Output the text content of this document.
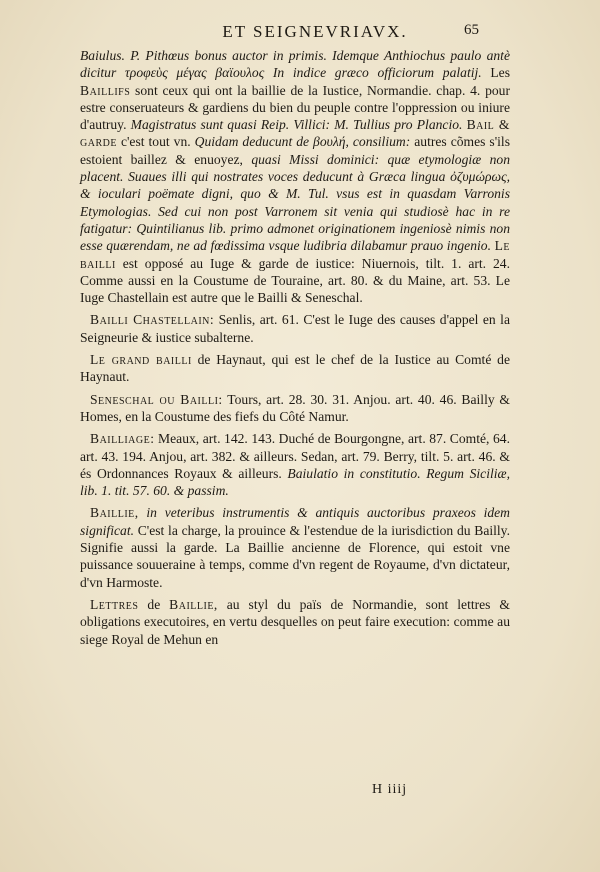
ET SEIGNEVRIAVX.	65

Baiulus. P. Pithœus bonus auctor in primis. Idemque Anthiochus paulo antè dicitur τροφεὺς μέγας βαϊουλος In indice græco officiorum palatij. Les Baillifs sont ceux qui ont la baillie de la Iustice, Normandie. chap. 4. pour estre conseruateurs & gardiens du bien du peuple contre l'oppression ou iniure d'autruy. Magistratus sunt quasi Reip. Villici: M. Tullius pro Plancio. Bail & garde c'est tout vn. Quidam deducunt de βουλή, consilium: autres cõmes s'ils estoient baillez & enuoyez, quasi Missi dominici: quæ etymologiæ non placent. Suaues illi qui nostrates voces deducunt à Græca lingua ὀζυμώρως, & ioculari poëmate digni, quo & M. Tul. vsus est in quasdam Varronis Etymologias. Sed cui non post Varronem sit venia qui studiosè hac in re fatigatur: Quintilianus lib. primo admonet originationem ingeniosè nimis non esse quærendam, ne ad fœdissima vsque ludibria dilabamur prauo ingenio. Le bailli est opposé au Iuge & garde de iustice: Niuernois, tilt. 1. art. 24. Comme aussi en la Coustume de Touraine, art. 80. & du Maine, art. 53. Le Iuge Chastellain est autre que le Bailli & Seneschal.

Bailli Chastellain: Senlis, art. 61. C'est le Iuge des causes d'appel en la Seigneurie & iustice subalterne.

Le grand bailli de Haynaut, qui est le chef de la Iustice au Comté de Haynaut.

Seneschal ou Bailli: Tours, art. 28. 30. 31. Anjou. art. 40. 46. Bailly & Homes, en la Coustume des fiefs du Côté Namur.

Bailliage: Meaux, art. 142. 143. Duché de Bourgongne, art. 87. Comté, 64. art. 43. 194. Anjou, art. 382. & ailleurs. Sedan, art. 79. Berry, tilt. 5. art. 46. & és Ordonnances Royaux & ailleurs. Baiulatio in constitutio. Regum Siciliæ, lib. 1. tit. 57. 60. & passim.

Baillie, in veteribus instrumentis & antiquis auctoribus praxeos idem significat. C'est la charge, la prouince & l'estendue de la iurisdiction du Bailly. Signifie aussi la garde. La Baillie ancienne de Florence, qui estoit vne puissance souueraine à temps, comme d'vn regent de Royaume, d'vn dictateur, d'vn Harmoste.

Lettres de Baillie, au styl du païs de Normandie, sont lettres & obligations executoires, en vertu desquelles on peut faire execution: comme au siege Royal de Mehun en

H iiij
